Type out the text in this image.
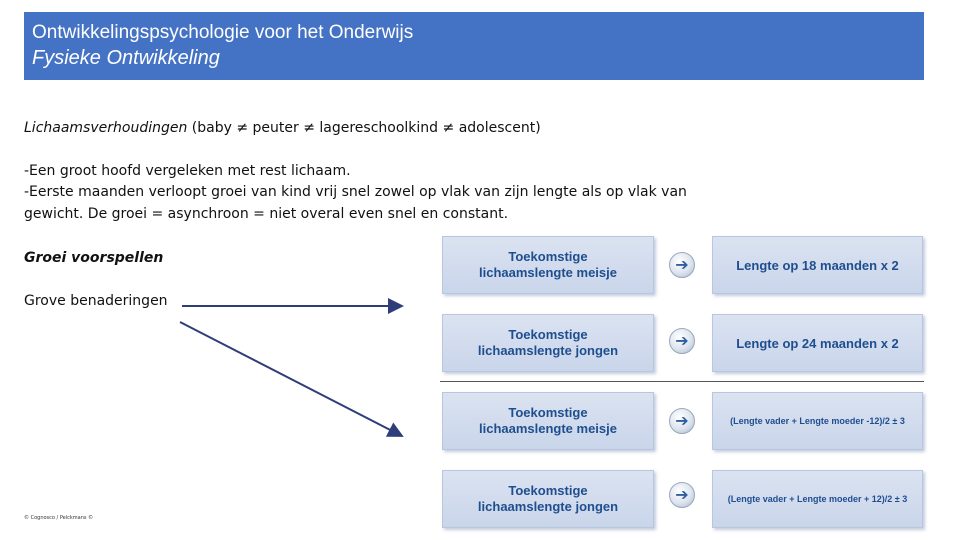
Ontwikkelingspsychologie voor het Onderwijs
Fysieke Ontwikkeling
Lichaamsverhoudingen (baby ≠ peuter ≠ lagereschoolkind ≠ adolescent)
-Een groot hoofd vergeleken met rest lichaam.
-Eerste maanden verloopt groei van kind vrij snel zowel op vlak van zijn lengte als op vlak van
gewicht. De groei = asynchroon = niet overal even snel en constant.
Groei voorspellen
Grove benaderingen
Toekomstige
lichaamslengte meisje	➔	Lengte op 18 maanden x 2
Toekomstige
lichaamslengte jongen
➔	Lengte op 24 maanden x 2
Toekomstige
lichaamslengte meisje	➔	(Lengte vader + Lengte moeder -12)/2 ± 3
Toekomstige
lichaamslengte jongen
➔	(Lengte vader + Lengte moeder + 12)/2 ± 3
© Cognosco / Pelckmans ©
